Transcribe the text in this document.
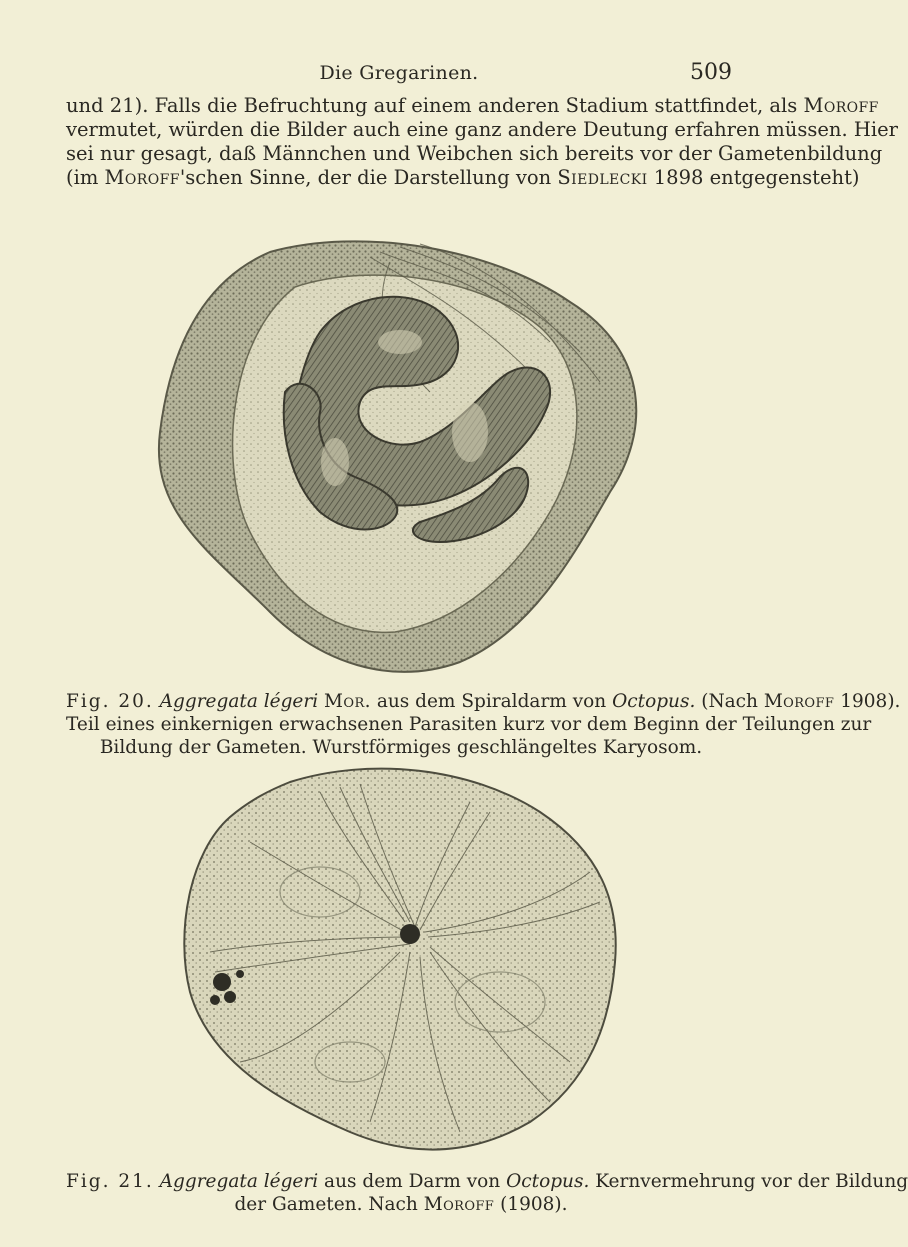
Die Gregarinen.	509
und 21). Falls die Befruchtung auf einem anderen Stadium stattfindet, als Moroff
vermutet, würden die Bilder auch eine ganz andere Deutung erfahren müssen. Hier
sei nur gesagt, daß Männchen und Weibchen sich bereits vor der Gametenbildung
(im Moroff'schen Sinne, der die Darstellung von Siedlecki 1898 entgegensteht)
Fig. 20. Aggregata légeri Mor. aus dem Spiraldarm von Octopus. (Nach Moroff 1908).
Teil eines einkernigen erwachsenen Parasiten kurz vor dem Beginn der Teilungen zur
Bildung der Gameten. Wurstförmiges geschlängeltes Karyosom.
Fig. 21. Aggregata légeri aus dem Darm von Octopus. Kernvermehrung vor der Bildung
der Gameten. Nach Moroff (1908).
